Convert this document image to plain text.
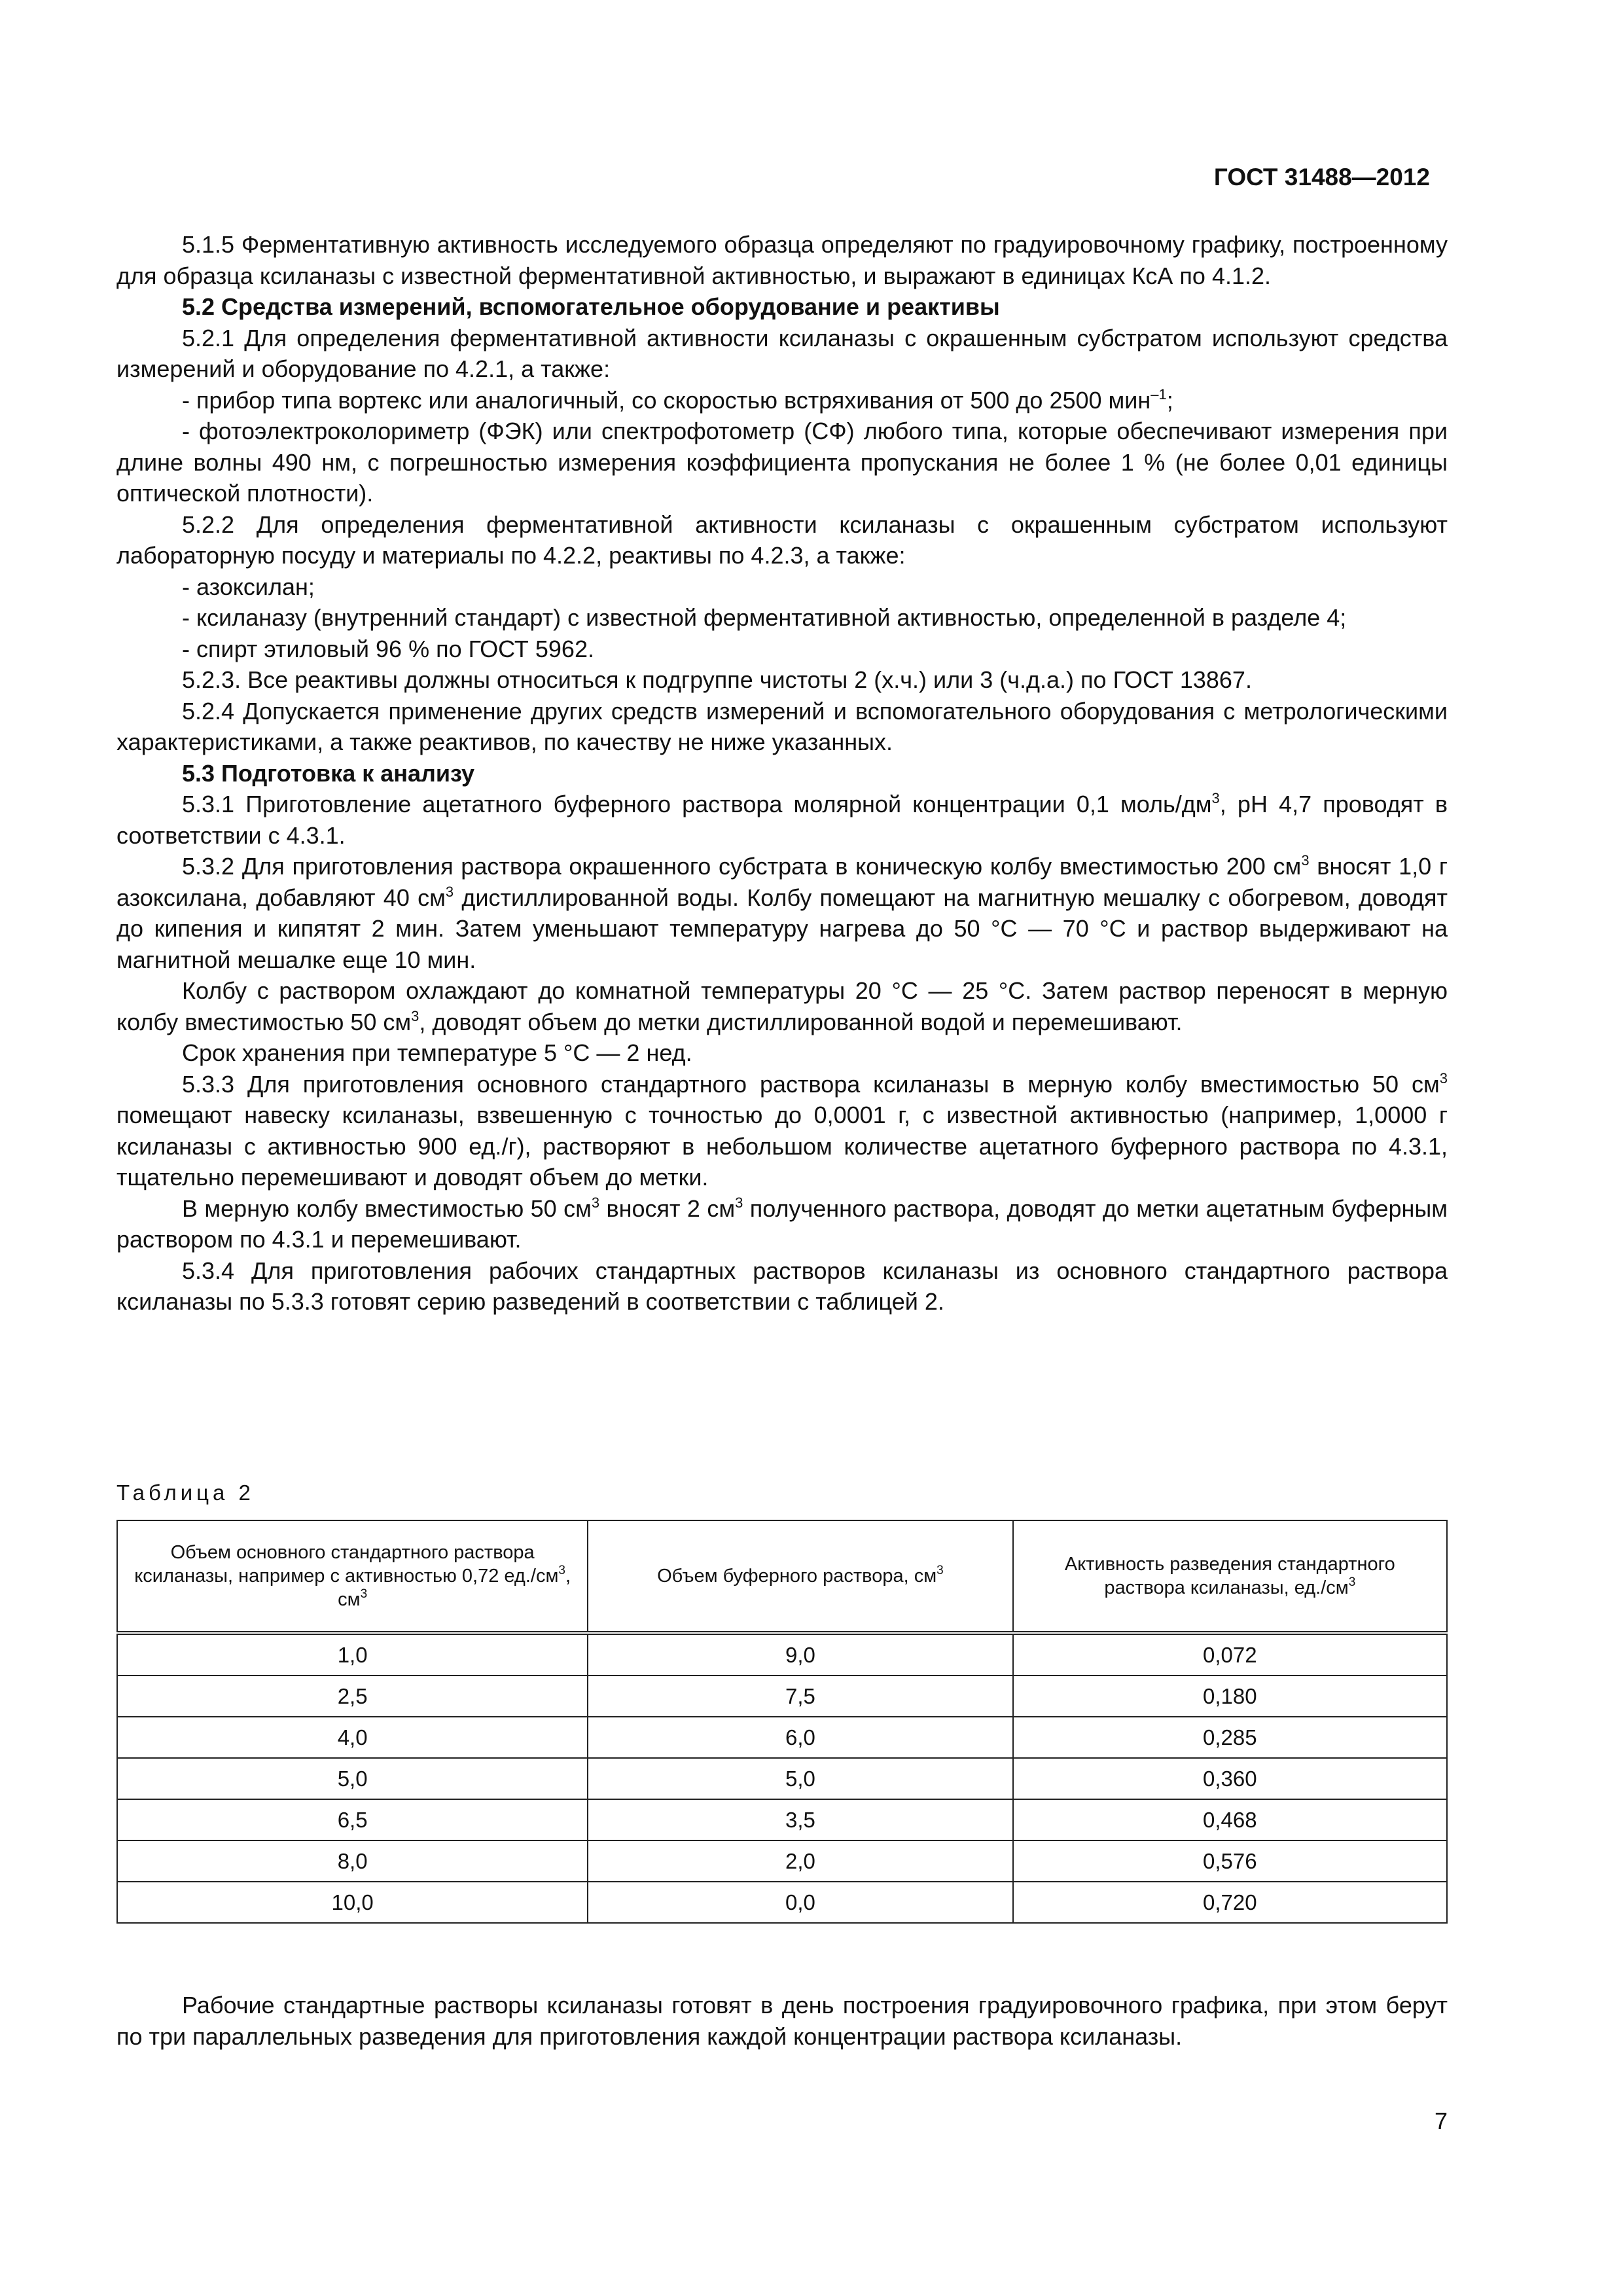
ГОСТ 31488—2012

5.1.5 Ферментативную активность исследуемого образца определяют по градуировочному графику, построенному для образца ксиланазы с известной ферментативной активностью, и выражают в единицах КсА по 4.1.2.

5.2 Средства измерений, вспомогательное оборудование и реактивы

5.2.1 Для определения ферментативной активности ксиланазы с окрашенным субстратом используют средства измерений и оборудование по 4.2.1, а также:

- прибор типа вортекс или аналогичный, со скоростью встряхивания от 500 до 2500 мин$^{-1}$;

- фотоэлектроколориметр (ФЭК) или спектрофотометр (СФ) любого типа, которые обеспечивают измерения при длине волны 490 нм, с погрешностью измерения коэффициента пропускания не более 1 % (не более 0,01 единицы оптической плотности).

5.2.2 Для определения ферментативной активности ксиланазы с окрашенным субстратом используют лабораторную посуду и материалы по 4.2.2, реактивы по 4.2.3, а также:

- азоксилан;

- ксиланазу (внутренний стандарт) с известной ферментативной активностью, определенной в разделе 4;

- спирт этиловый 96 % по ГОСТ 5962.

5.2.3. Все реактивы должны относиться к подгруппе чистоты 2 (х.ч.) или 3 (ч.д.а.) по ГОСТ 13867.

5.2.4 Допускается применение других средств измерений и вспомогательного оборудования с метрологическими характеристиками, а также реактивов, по качеству не ниже указанных.

5.3 Подготовка к анализу

5.3.1 Приготовление ацетатного буферного раствора молярной концентрации 0,1 моль/$дм^3$, рН 4,7 проводят в соответствии с 4.3.1.

5.3.2 Для приготовления раствора окрашенного субстрата в коническую колбу вместимостью 200 $см^3$ вносят 1,0 г азоксилана, добавляют 40 $см^3$ дистиллированной воды. Колбу помещают на магнитную мешалку с обогревом, доводят до кипения и кипятят 2 мин. Затем уменьшают температуру нагрева до 50 °С — 70 °С и раствор выдерживают на магнитной мешалке еще 10 мин.

Колбу с раствором охлаждают до комнатной температуры 20 °С — 25 °С. Затем раствор переносят в мерную колбу вместимостью 50 $см^3$, доводят объем до метки дистиллированной водой и перемешивают.

Срок хранения при температуре 5 °С — 2 нед.

5.3.3 Для приготовления основного стандартного раствора ксиланазы в мерную колбу вместимостью 50 $см^3$ помещают навеску ксиланазы, взвешенную с точностью до 0,0001 г, с известной активностью (например, 1,0000 г ксиланазы с активностью 900 ед./г), растворяют в небольшом количестве ацетатного буферного раствора по 4.3.1, тщательно перемешивают и доводят объем до метки.

В мерную колбу вместимостью 50 $см^3$ вносят 2 $см^3$ полученного раствора, доводят до метки ацетатным буферным раствором по 4.3.1 и перемешивают.

5.3.4 Для приготовления рабочих стандартных растворов ксиланазы из основного стандартного раствора ксиланазы по 5.3.3 готовят серию разведений в соответствии с таблицей 2.

Таблица 2
Объем основного стандартного раствора ксиланазы, например с активностью 0,72 $ед./см^3$, $см^3$	Объем буферного раствора, $см^3$	Активность разведения стандартного раствора ксиланазы, $ед./см^3$
1,0	9,0	0,072
2,5	7,5	0,180
4,0	6,0	0,285
5,0	5,0	0,360
6,5	3,5	0,468
8,0	2,0	0,576
10,0	0,0	0,720

Рабочие стандартные растворы ксиланазы готовят в день построения градуировочного графика, при этом берут по три параллельных разведения для приготовления каждой концентрации раствора ксиланазы.

7
